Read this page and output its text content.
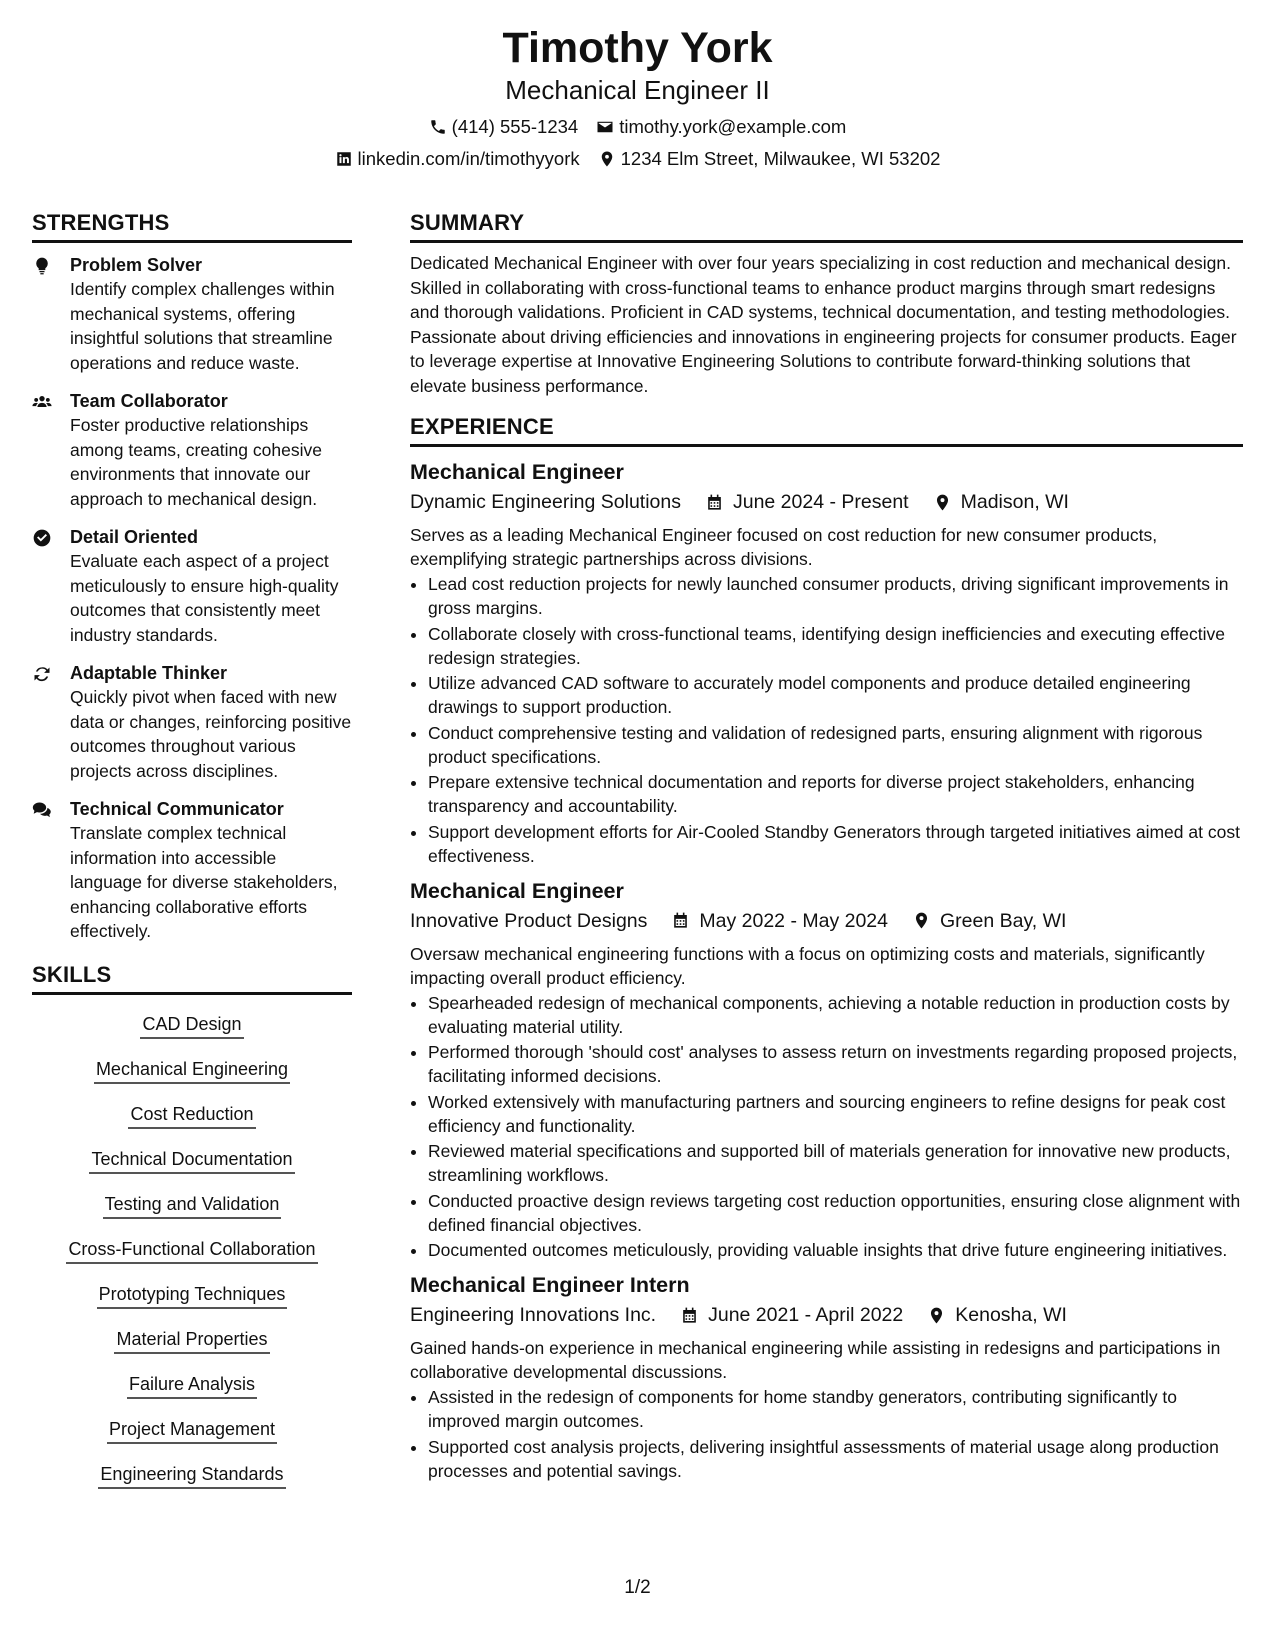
Timothy York
Mechanical Engineer II
(414) 555-1234 timothy.york@example.com
linkedin.com/in/timothyyork 1234 Elm Street, Milwaukee, WI 53202
STRENGTHS
Problem Solver
Identify complex challenges within mechanical systems, offering insightful solutions that streamline operations and reduce waste.
Team Collaborator
Foster productive relationships among teams, creating cohesive environments that innovate our approach to mechanical design.
Detail Oriented
Evaluate each aspect of a project meticulously to ensure high-quality outcomes that consistently meet industry standards.
Adaptable Thinker
Quickly pivot when faced with new data or changes, reinforcing positive outcomes throughout various projects across disciplines.
Technical Communicator
Translate complex technical information into accessible language for diverse stakeholders, enhancing collaborative efforts effectively.
SKILLS
CAD Design
Mechanical Engineering
Cost Reduction
Technical Documentation
Testing and Validation
Cross-Functional Collaboration
Prototyping Techniques
Material Properties
Failure Analysis
Project Management
Engineering Standards
SUMMARY
Dedicated Mechanical Engineer with over four years specializing in cost reduction and mechanical design. Skilled in collaborating with cross-functional teams to enhance product margins through smart redesigns and thorough validations. Proficient in CAD systems, technical documentation, and testing methodologies. Passionate about driving efficiencies and innovations in engineering projects for consumer products. Eager to leverage expertise at Innovative Engineering Solutions to contribute forward-thinking solutions that elevate business performance.
EXPERIENCE
Mechanical Engineer
Dynamic Engineering Solutions	June 2024 - Present	Madison, WI
Serves as a leading Mechanical Engineer focused on cost reduction for new consumer products, exemplifying strategic partnerships across divisions.
• Lead cost reduction projects for newly launched consumer products, driving significant improvements in gross margins.
• Collaborate closely with cross-functional teams, identifying design inefficiencies and executing effective redesign strategies.
• Utilize advanced CAD software to accurately model components and produce detailed engineering drawings to support production.
• Conduct comprehensive testing and validation of redesigned parts, ensuring alignment with rigorous product specifications.
• Prepare extensive technical documentation and reports for diverse project stakeholders, enhancing transparency and accountability.
• Support development efforts for Air-Cooled Standby Generators through targeted initiatives aimed at cost effectiveness.
Mechanical Engineer
Innovative Product Designs	May 2022 - May 2024	Green Bay, WI
Oversaw mechanical engineering functions with a focus on optimizing costs and materials, significantly impacting overall product efficiency.
• Spearheaded redesign of mechanical components, achieving a notable reduction in production costs by evaluating material utility.
• Performed thorough 'should cost' analyses to assess return on investments regarding proposed projects, facilitating informed decisions.
• Worked extensively with manufacturing partners and sourcing engineers to refine designs for peak cost efficiency and functionality.
• Reviewed material specifications and supported bill of materials generation for innovative new products, streamlining workflows.
• Conducted proactive design reviews targeting cost reduction opportunities, ensuring close alignment with defined financial objectives.
• Documented outcomes meticulously, providing valuable insights that drive future engineering initiatives.
Mechanical Engineer Intern
Engineering Innovations Inc.	June 2021 - April 2022	Kenosha, WI
Gained hands-on experience in mechanical engineering while assisting in redesigns and participations in collaborative developmental discussions.
• Assisted in the redesign of components for home standby generators, contributing significantly to improved margin outcomes.
• Supported cost analysis projects, delivering insightful assessments of material usage along production processes and potential savings.
1/2
